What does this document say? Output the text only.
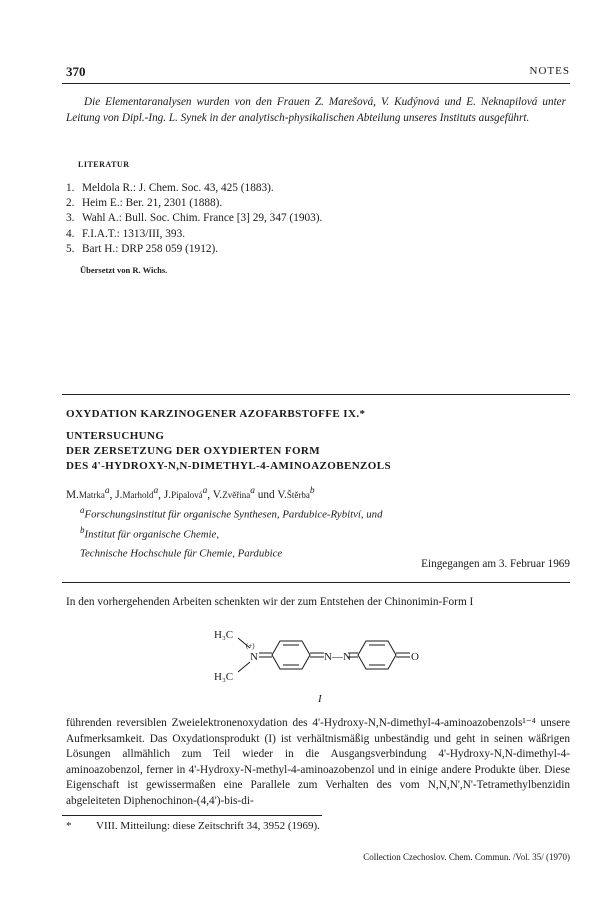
370	NOTES

Die Elementaranalysen wurden von den Frauen Z. Marešová, V. Kudýnová und E. Neknapilová unter Leitung von Dipl.-Ing. L. Synek in der analytisch-physikalischen Abteilung unseres Instituts ausgeführt.

LITERATUR
1. Meldola R.: J. Chem. Soc. 43, 425 (1883).
2. Heim E.: Ber. 21, 2301 (1888).
3. Wahl A.: Bull. Soc. Chim. France [3] 29, 347 (1903).
4. F.I.A.T.: 1313/III, 393.
5. Bart H.: DRP 258 059 (1912).
Übersetzt von R. Wichs.
OXYDATION KARZINOGENER AZOFARBSTOFFE IX.*
UNTERSUCHUNG
DER ZERSETZUNG DER OXYDIERTEN FORM
DES 4'-HYDROXY-N,N-DIMETHYL-4-AMINOAZOBENZOLS
M.Matrka$^a$, J.Marhold$^a$, J.Pípalová$^a$, V.Zvěřina$^a$ und V.Štěrba$^b$
$^a$Forschungsinstitut für organische Synthesen, Pardubice-Rybitví, und
$^b$Institut für organische Chemie,
Technische Hochschule für Chemie, Pardubice
Eingegangen am 3. Februar 1969
In den vorhergehenden Arbeiten schenkten wir der zum Entstehen der Chinonimin-Form I
H₃C
H₃C
N
(+)
N—N	O
I

führenden reversiblen Zweielektronenoxydation des 4'-Hydroxy-N,N-dimethyl-4-aminoazobenzols¹⁻⁴ unsere Aufmerksamkeit. Das Oxydationsprodukt (I) ist verhältnismäßig unbeständig und geht in seinen wäßrigen Lösungen allmählich zum Teil wieder in die Ausgangsverbindung 4'-Hydroxy-N,N-dimethyl-4-aminoazobenzol, ferner in 4'-Hydroxy-N-methyl-4-aminoazobenzol und in einige andere Produkte über. Diese Eigenschaft ist gewissermaßen eine Parallele zum Verhalten des vom N,N,N',N'-Tetramethylbenzidin abgeleiteten Diphenochinon-(4,4')-bis-di-

* VIII. Mitteilung: diese Zeitschrift 34, 3952 (1969).
Collection Czechoslov. Chem. Commun. /Vol. 35/ (1970)
